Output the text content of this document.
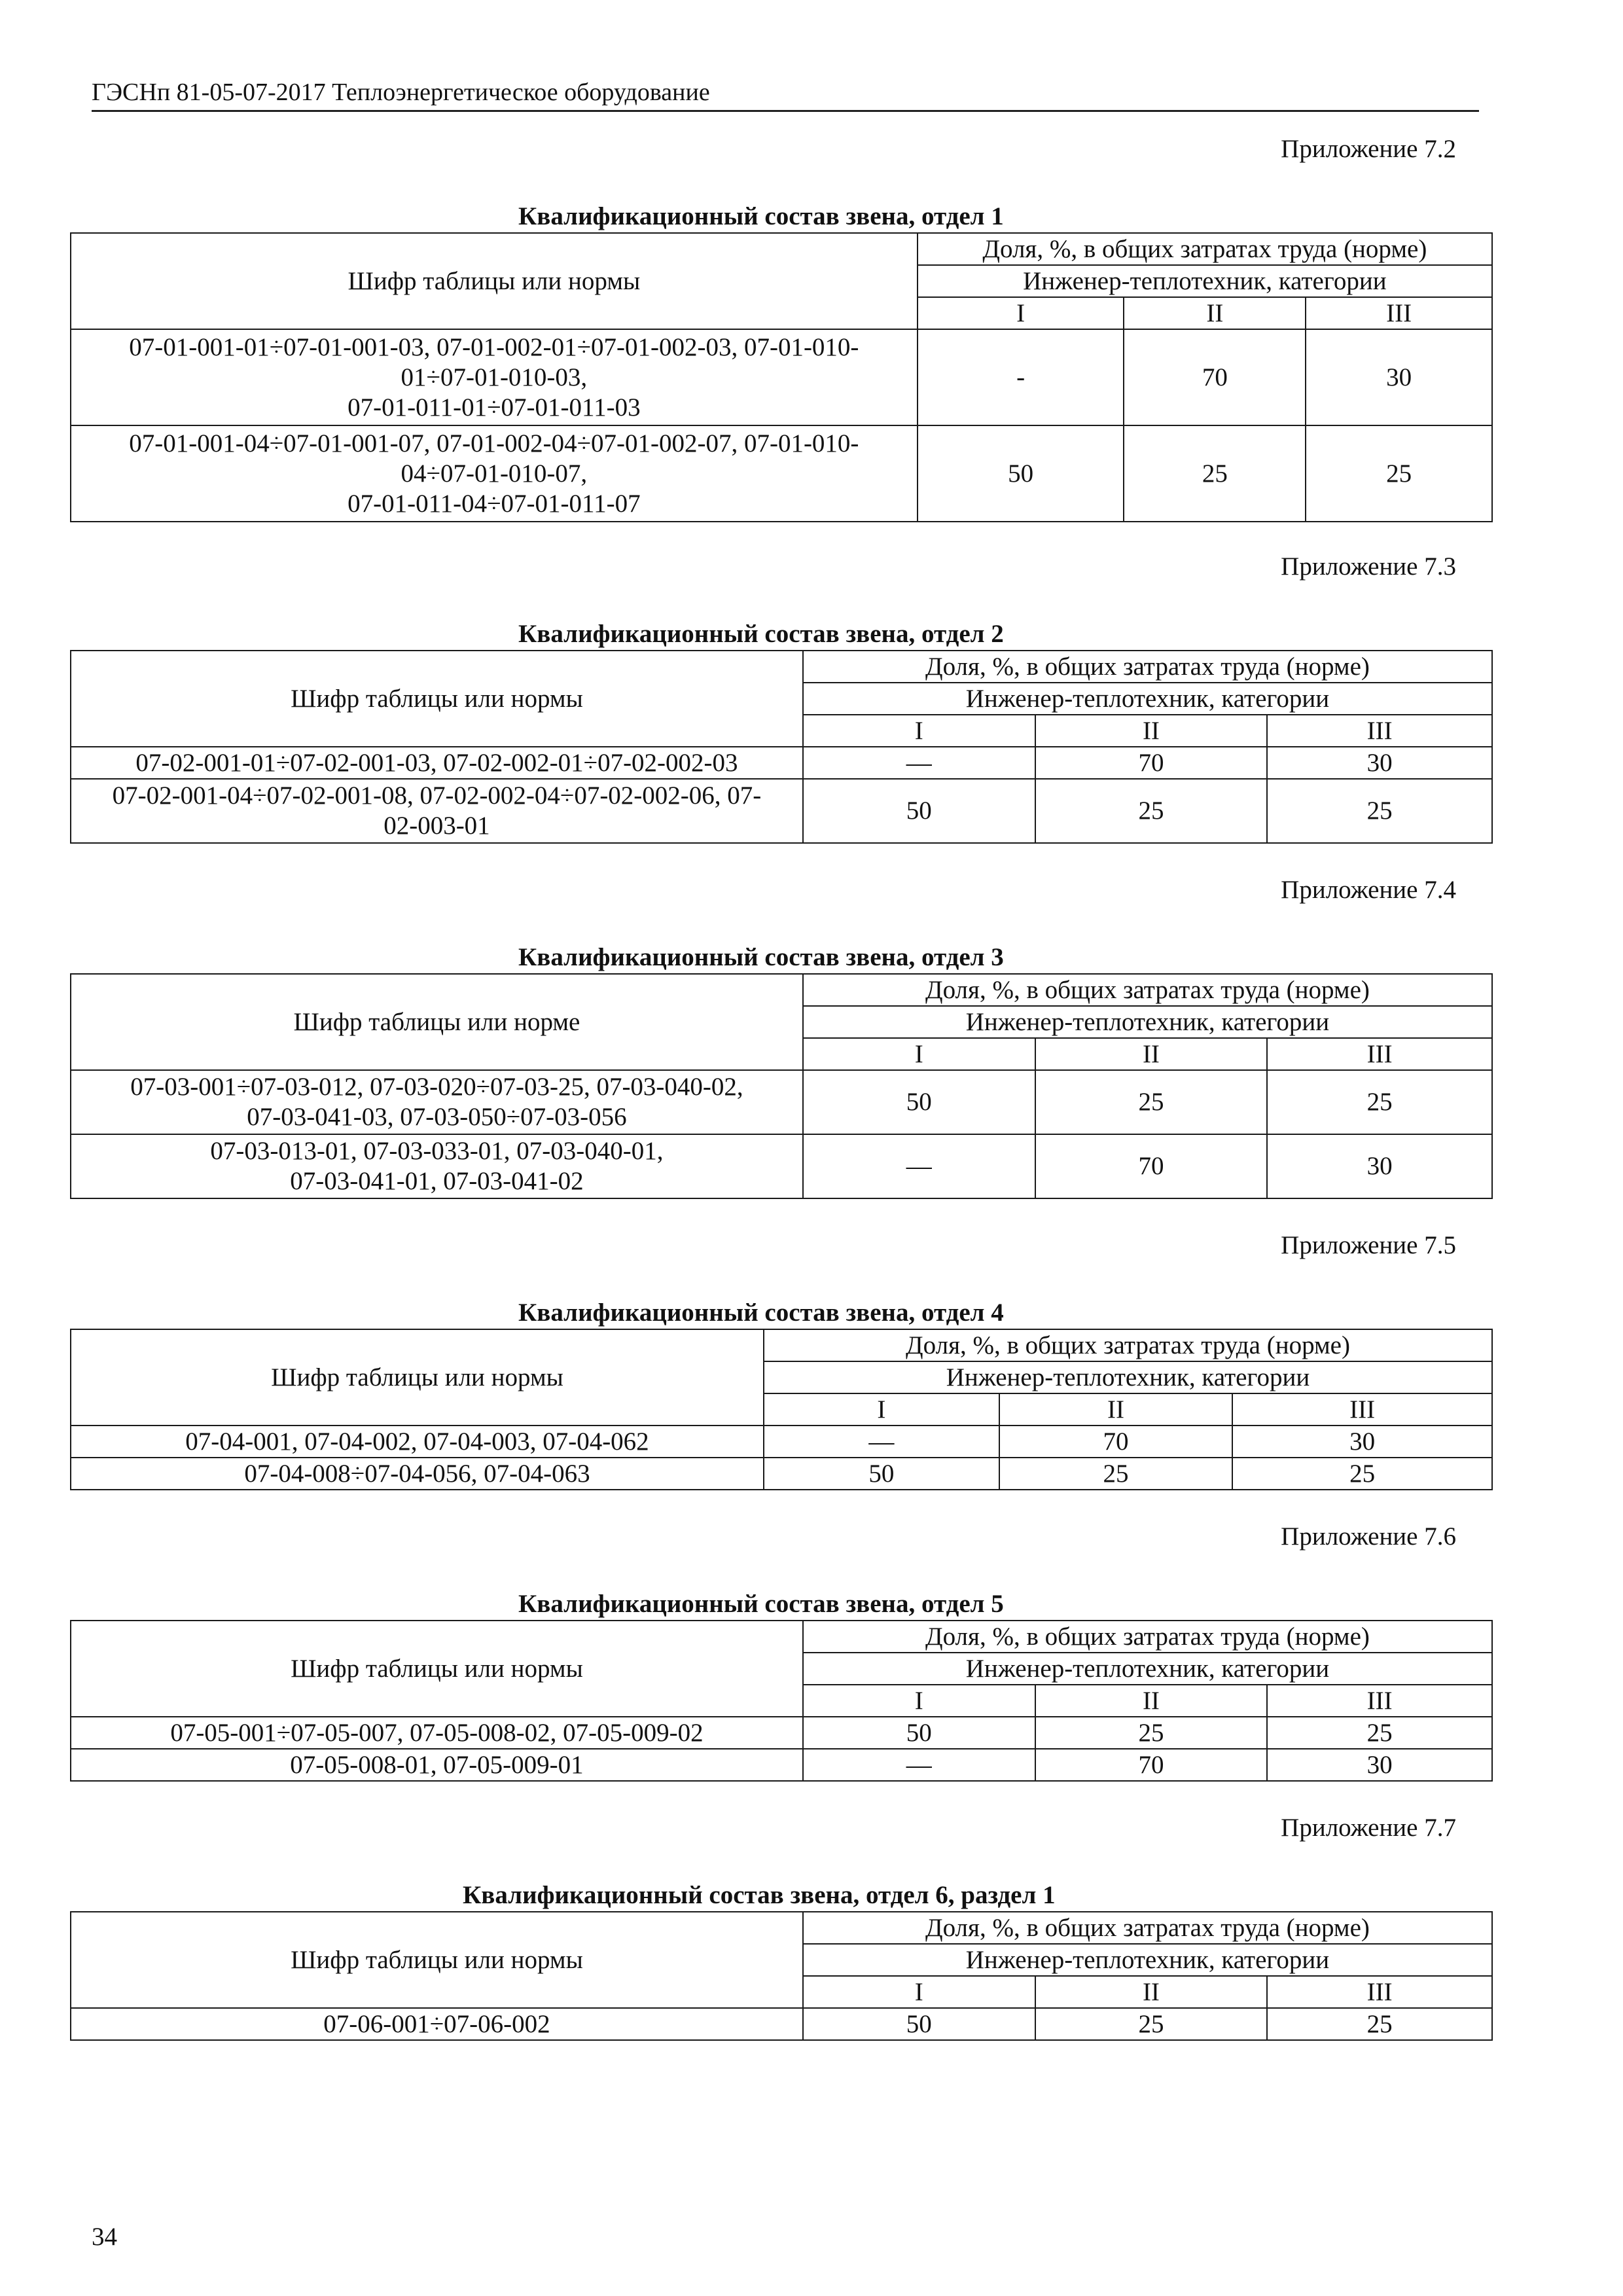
ГЭСНп 81-05-07-2017 Теплоэнергетическое оборудование
Приложение 7.2
Квалификационный состав звена, отдел 1
Шифр таблицы или нормы	Доля, %, в общих затратах труда (норме)		
	Инженер-теплотехник, категории		
	I	II	III
07-01-001-01÷07-01-001-03, 07-01-002-01÷07-01-002-03, 07-01-010-
01÷07-01-010-03,
07-01-011-01÷07-01-011-03	-	70	30
07-01-001-04÷07-01-001-07, 07-01-002-04÷07-01-002-07, 07-01-010-
04÷07-01-010-07,
07-01-011-04÷07-01-011-07	50	25	25
Приложение 7.3
Квалификационный состав звена, отдел 2
Шифр таблицы или нормы	Доля, %, в общих затратах труда (норме)		
	Инженер-теплотехник, категории		
	I	II	III
07-02-001-01÷07-02-001-03, 07-02-002-01÷07-02-002-03	—	70	30
07-02-001-04÷07-02-001-08, 07-02-002-04÷07-02-002-06, 07-
02-003-01	50	25	25
Приложение 7.4
Квалификационный состав звена, отдел 3
Шифр таблицы или норме	Доля, %, в общих затратах труда (норме)		
	Инженер-теплотехник, категории		
	I	II	III
07-03-001÷07-03-012, 07-03-020÷07-03-25, 07-03-040-02,
07-03-041-03, 07-03-050÷07-03-056	50	25	25
07-03-013-01, 07-03-033-01, 07-03-040-01,
07-03-041-01, 07-03-041-02	—	70	30
Приложение 7.5
Квалификационный состав звена, отдел 4
Шифр таблицы или нормы	Доля, %, в общих затратах труда (норме)		
	Инженер-теплотехник, категории		
	I	II	III
07-04-001, 07-04-002, 07-04-003, 07-04-062	—	70	30
07-04-008÷07-04-056, 07-04-063	50	25	25
Приложение 7.6
Квалификационный состав звена, отдел 5
Шифр таблицы или нормы	Доля, %, в общих затратах труда (норме)		
	Инженер-теплотехник, категории		
	I	II	III
07-05-001÷07-05-007, 07-05-008-02, 07-05-009-02	50	25	25
07-05-008-01, 07-05-009-01	—	70	30
Приложение 7.7
Квалификационный состав звена, отдел 6, раздел 1
Шифр таблицы или нормы	Доля, %, в общих затратах труда (норме)		
	Инженер-теплотехник, категории		
	I	II	III
07-06-001÷07-06-002	50	25	25
34
